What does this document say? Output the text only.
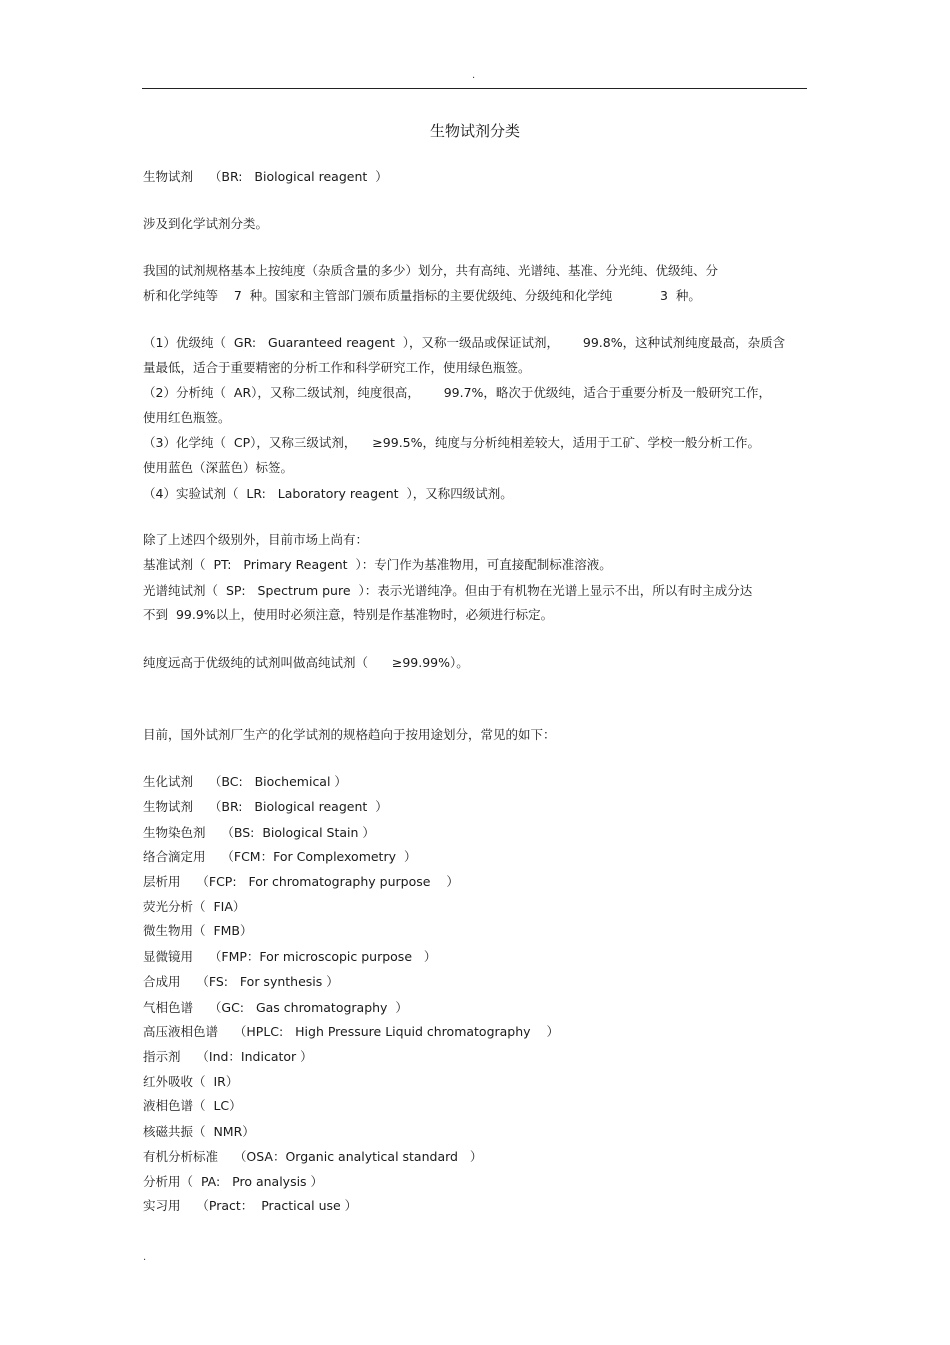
.
生物试剂分类
生物试剂    （BR:   Biological reagent  ）
涉及到化学试剂分类。
我国的试剂规格基本上按纯度（杂质含量的多少）划分，共有高纯、光谱纯、基准、分光纯、优级纯、分
析和化学纯等    7  种。国家和主管部门颁布质量指标的主要优级纯、分级纯和化学纯            3  种。
（1）优级纯（  GR:   Guaranteed reagent  ），又称一级品或保证试剂，      99.8%，这种试剂纯度最高，杂质含
量最低，适合于重要精密的分析工作和科学研究工作，使用绿色瓶签。
（2）分析纯（  AR），又称二级试剂，纯度很高，      99.7%，略次于优级纯，适合于重要分析及一般研究工作，
使用红色瓶签。
（3）化学纯（  CP），又称三级试剂，    ≥99.5%，纯度与分析纯相差较大，适用于工矿、学校一般分析工作。
使用蓝色（深蓝色）标签。
（4）实验试剂（  LR:   Laboratory reagent  ），又称四级试剂。
除了上述四个级别外，目前市场上尚有：
基准试剂（  PT:   Primary Reagent  ）：专门作为基准物用，可直接配制标准溶液。
光谱纯试剂（  SP:   Spectrum pure  ）：表示光谱纯净。但由于有机物在光谱上显示不出，所以有时主成分达
不到  99.9%以上，使用时必须注意，特别是作基准物时，必须进行标定。
纯度远高于优级纯的试剂叫做高纯试剂（      ≥99.99%）。
目前，国外试剂厂生产的化学试剂的规格趋向于按用途划分，常见的如下：
生化试剂    （BC:   Biochemical ）
生物试剂    （BR:   Biological reagent  ）
生物染色剂    （BS:  Biological Stain ）
络合滴定用    （FCM：For Complexometry  ）
层析用    （FCP:   For chromatography purpose    ）
荧光分析（  FIA）
微生物用（  FMB）
显微镜用    （FMP：For microscopic purpose   ）
合成用    （FS:   For synthesis ）
气相色谱    （GC:   Gas chromatography  ）
高压液相色谱    （HPLC:   High Pressure Liquid chromatography    ）
指示剂    （Ind：Indicator ）
红外吸收（  IR）
液相色谱（  LC）
核磁共振（  NMR）
有机分析标准    （OSA：Organic analytical standard   ）
分析用（  PA:   Pro analysis ）
实习用    （Pract：  Practical use ）
.
